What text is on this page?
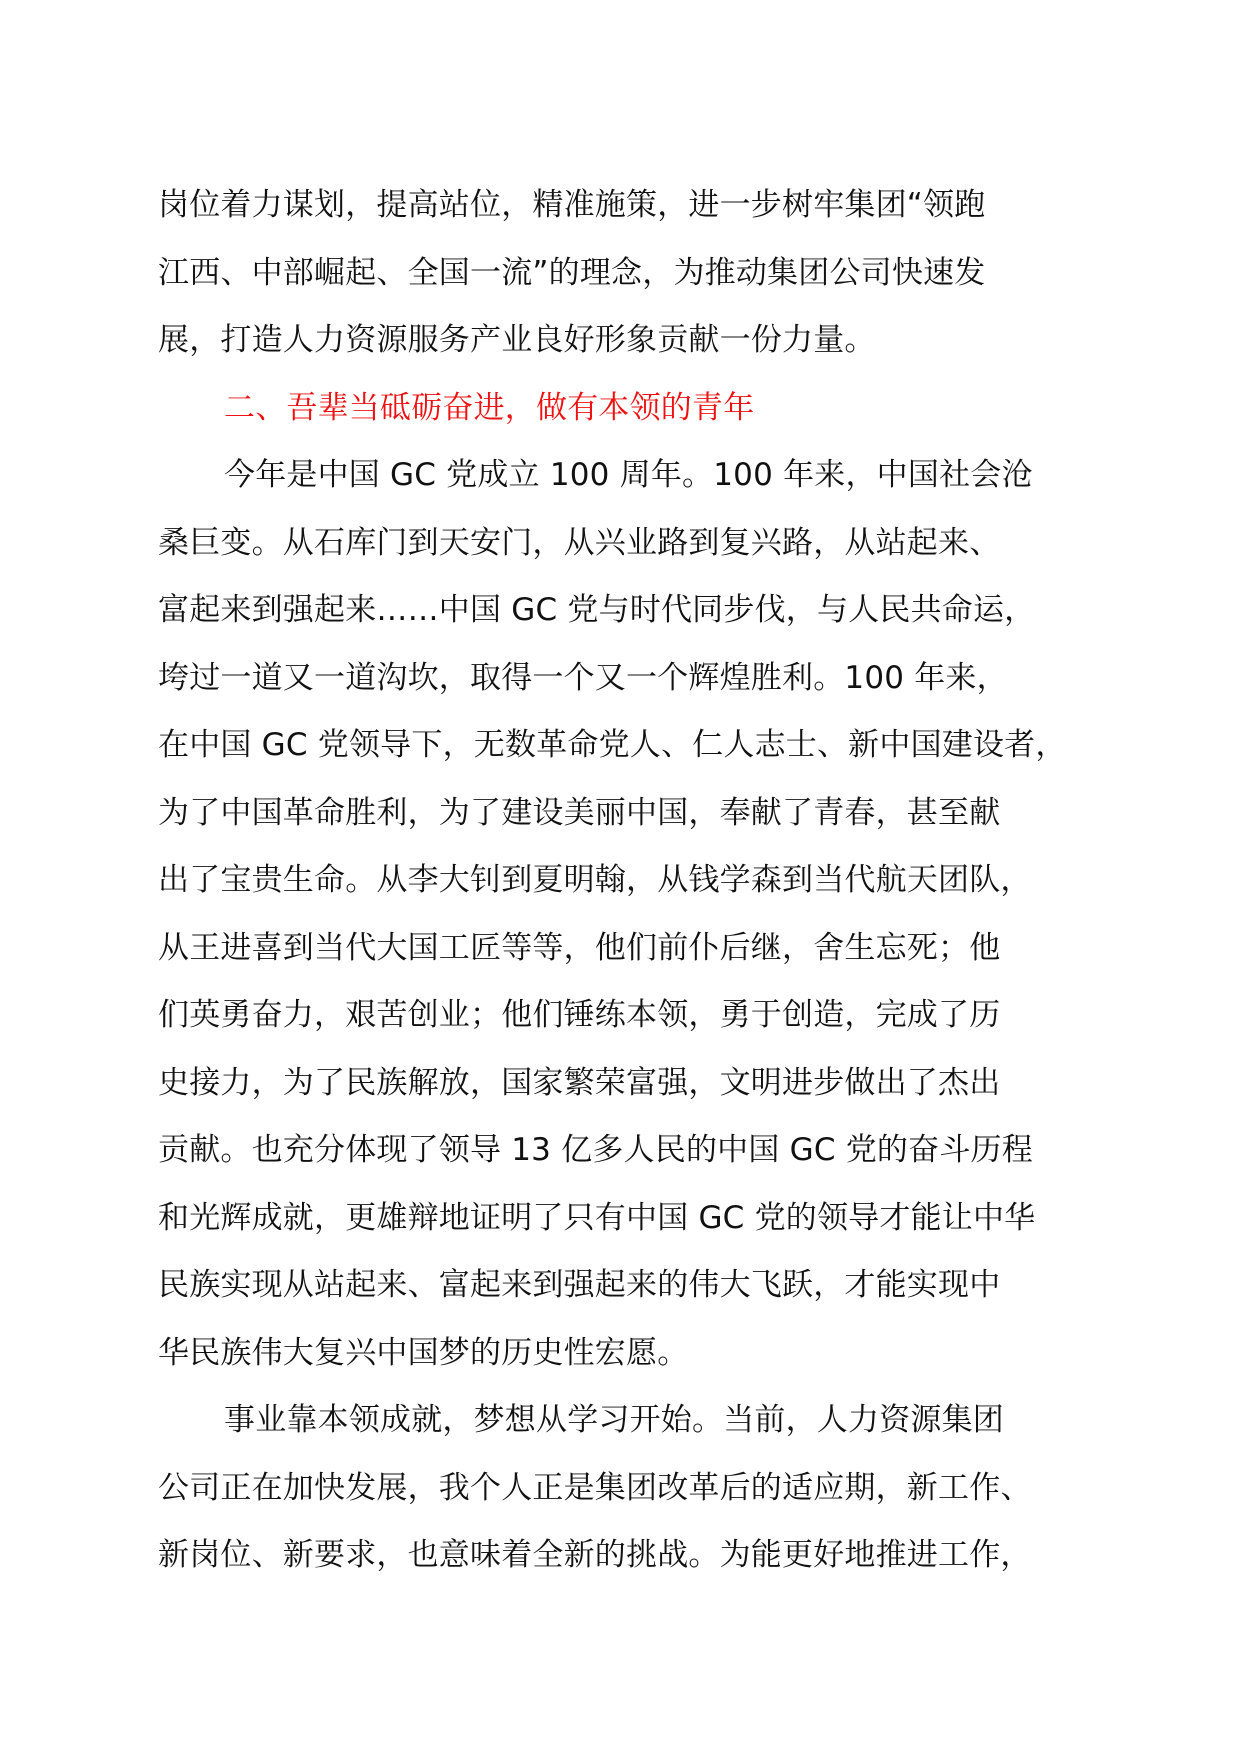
岗位着力谋划，提高站位，精准施策，进一步树牢集团“领跑
江西、中部崛起、全国一流”的理念，为推动集团公司快速发
展，打造人力资源服务产业良好形象贡献一份力量。
二、吾辈当砥砺奋进，做有本领的青年
今年是中国 GC 党成立 100 周年。100 年来，中国社会沧
桑巨变。从石库门到天安门，从兴业路到复兴路，从站起来、
富起来到强起来……中国 GC 党与时代同步伐，与人民共命运，
垮过一道又一道沟坎，取得一个又一个辉煌胜利。100 年来，
在中国 GC 党领导下，无数革命党人、仁人志士、新中国建设者，
为了中国革命胜利，为了建设美丽中国，奉献了青春，甚至献
出了宝贵生命。从李大钊到夏明翰，从钱学森到当代航天团队，
从王进喜到当代大国工匠等等，他们前仆后继，舍生忘死；他
们英勇奋力，艰苦创业；他们锤练本领，勇于创造，完成了历
史接力，为了民族解放，国家繁荣富强，文明进步做出了杰出
贡献。也充分体现了领导 13 亿多人民的中国 GC 党的奋斗历程
和光辉成就，更雄辩地证明了只有中国 GC 党的领导才能让中华
民族实现从站起来、富起来到强起来的伟大飞跃，才能实现中
华民族伟大复兴中国梦的历史性宏愿。
事业靠本领成就，梦想从学习开始。当前，人力资源集团
公司正在加快发展，我个人正是集团改革后的适应期，新工作、
新岗位、新要求，也意味着全新的挑战。为能更好地推进工作，
